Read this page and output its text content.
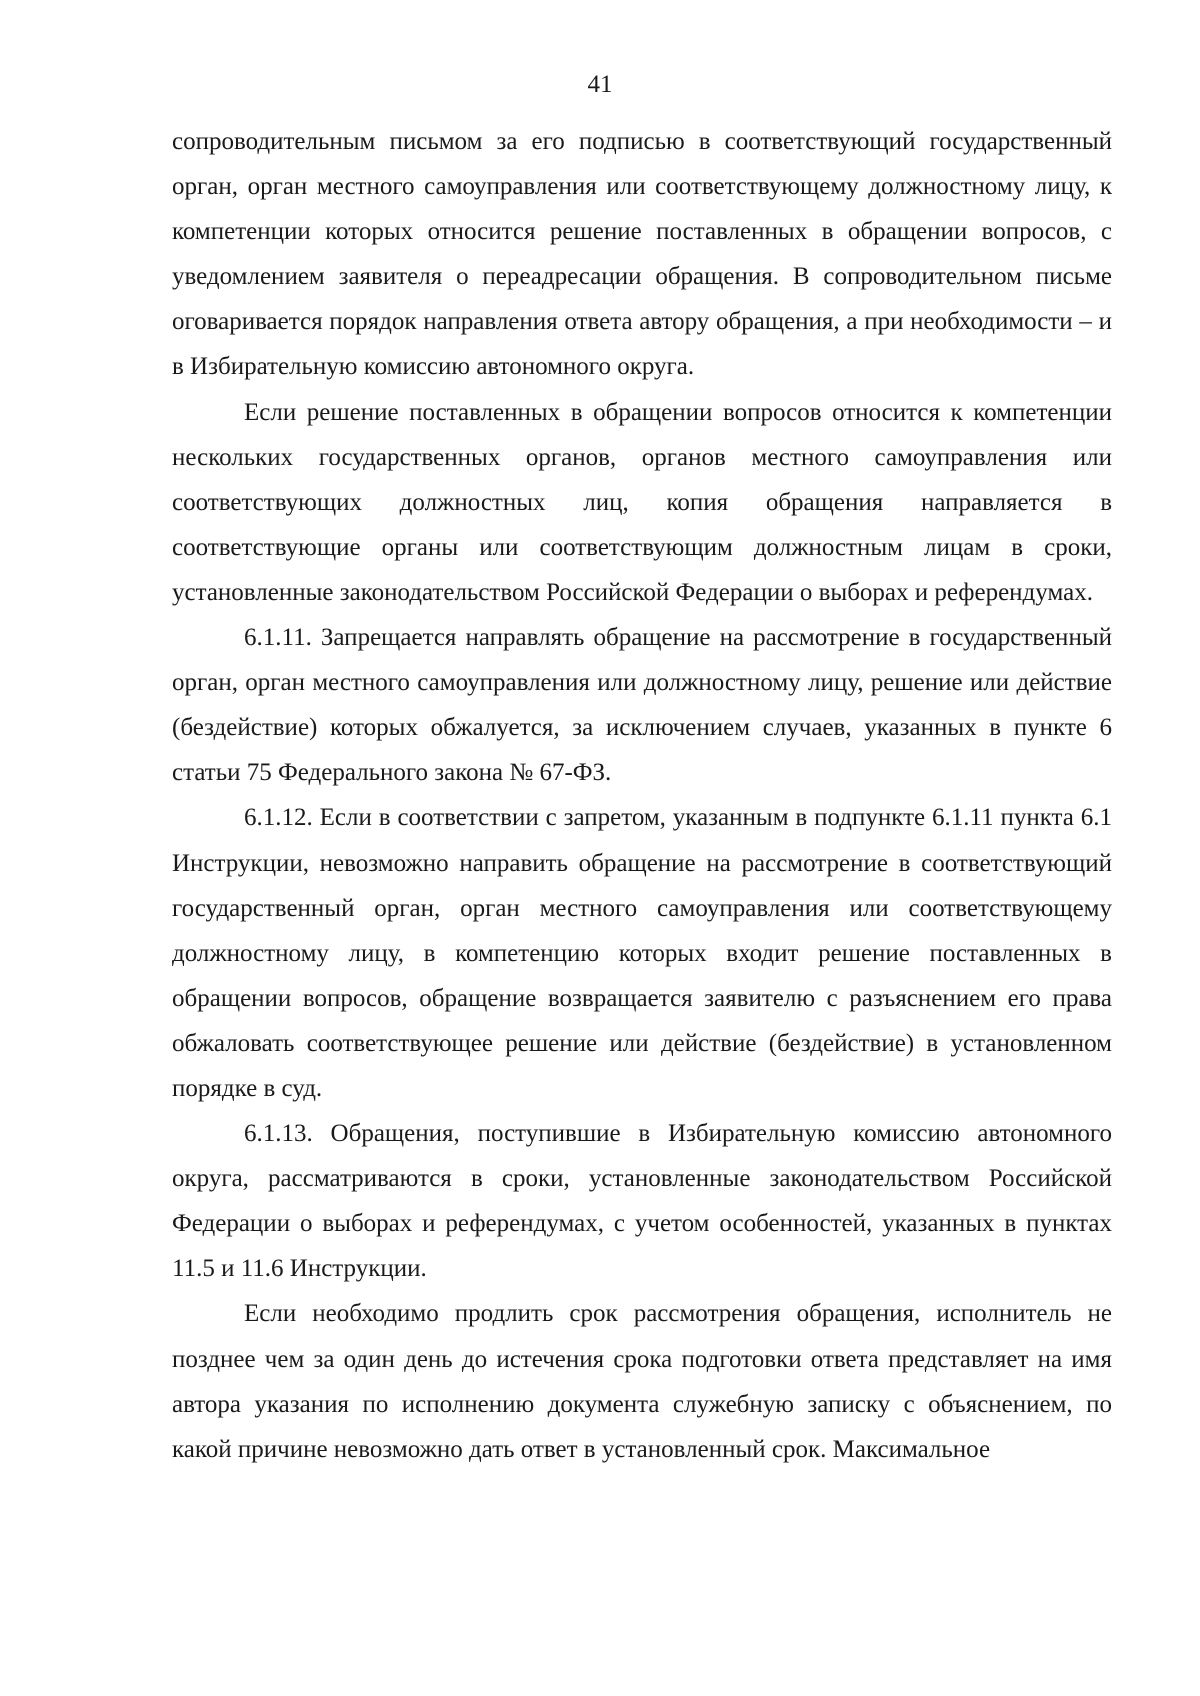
41

сопроводительным письмом за его подписью в соответствующий государственный орган, орган местного самоуправления или соответствующему должностному лицу, к компетенции которых относится решение поставленных в обращении вопросов, с уведомлением заявителя о переадресации обращения. В сопроводительном письме оговаривается порядок направления ответа автору обращения, а при необходимости – и в Избирательную комиссию автономного округа.

Если решение поставленных в обращении вопросов относится к компетенции нескольких государственных органов, органов местного самоуправления или соответствующих должностных лиц, копия обращения направляется в соответствующие органы или соответствующим должностным лицам в сроки, установленные законодательством Российской Федерации о выборах и референдумах.

6.1.11. Запрещается направлять обращение на рассмотрение в государственный орган, орган местного самоуправления или должностному лицу, решение или действие (бездействие) которых обжалуется, за исключением случаев, указанных в пункте 6 статьи 75 Федерального закона № 67-ФЗ.

6.1.12. Если в соответствии с запретом, указанным в подпункте 6.1.11 пункта 6.1 Инструкции, невозможно направить обращение на рассмотрение в соответствующий государственный орган, орган местного самоуправления или соответствующему должностному лицу, в компетенцию которых входит решение поставленных в обращении вопросов, обращение возвращается заявителю с разъяснением его права обжаловать соответствующее решение или действие (бездействие) в установленном порядке в суд.

6.1.13. Обращения, поступившие в Избирательную комиссию автономного округа, рассматриваются в сроки, установленные законодательством Российской Федерации о выборах и референдумах, с учетом особенностей, указанных в пунктах 11.5 и 11.6 Инструкции.

Если необходимо продлить срок рассмотрения обращения, исполнитель не позднее чем за один день до истечения срока подготовки ответа представляет на имя автора указания по исполнению документа служебную записку с объяснением, по какой причине невозможно дать ответ в установленный срок. Максимальное
